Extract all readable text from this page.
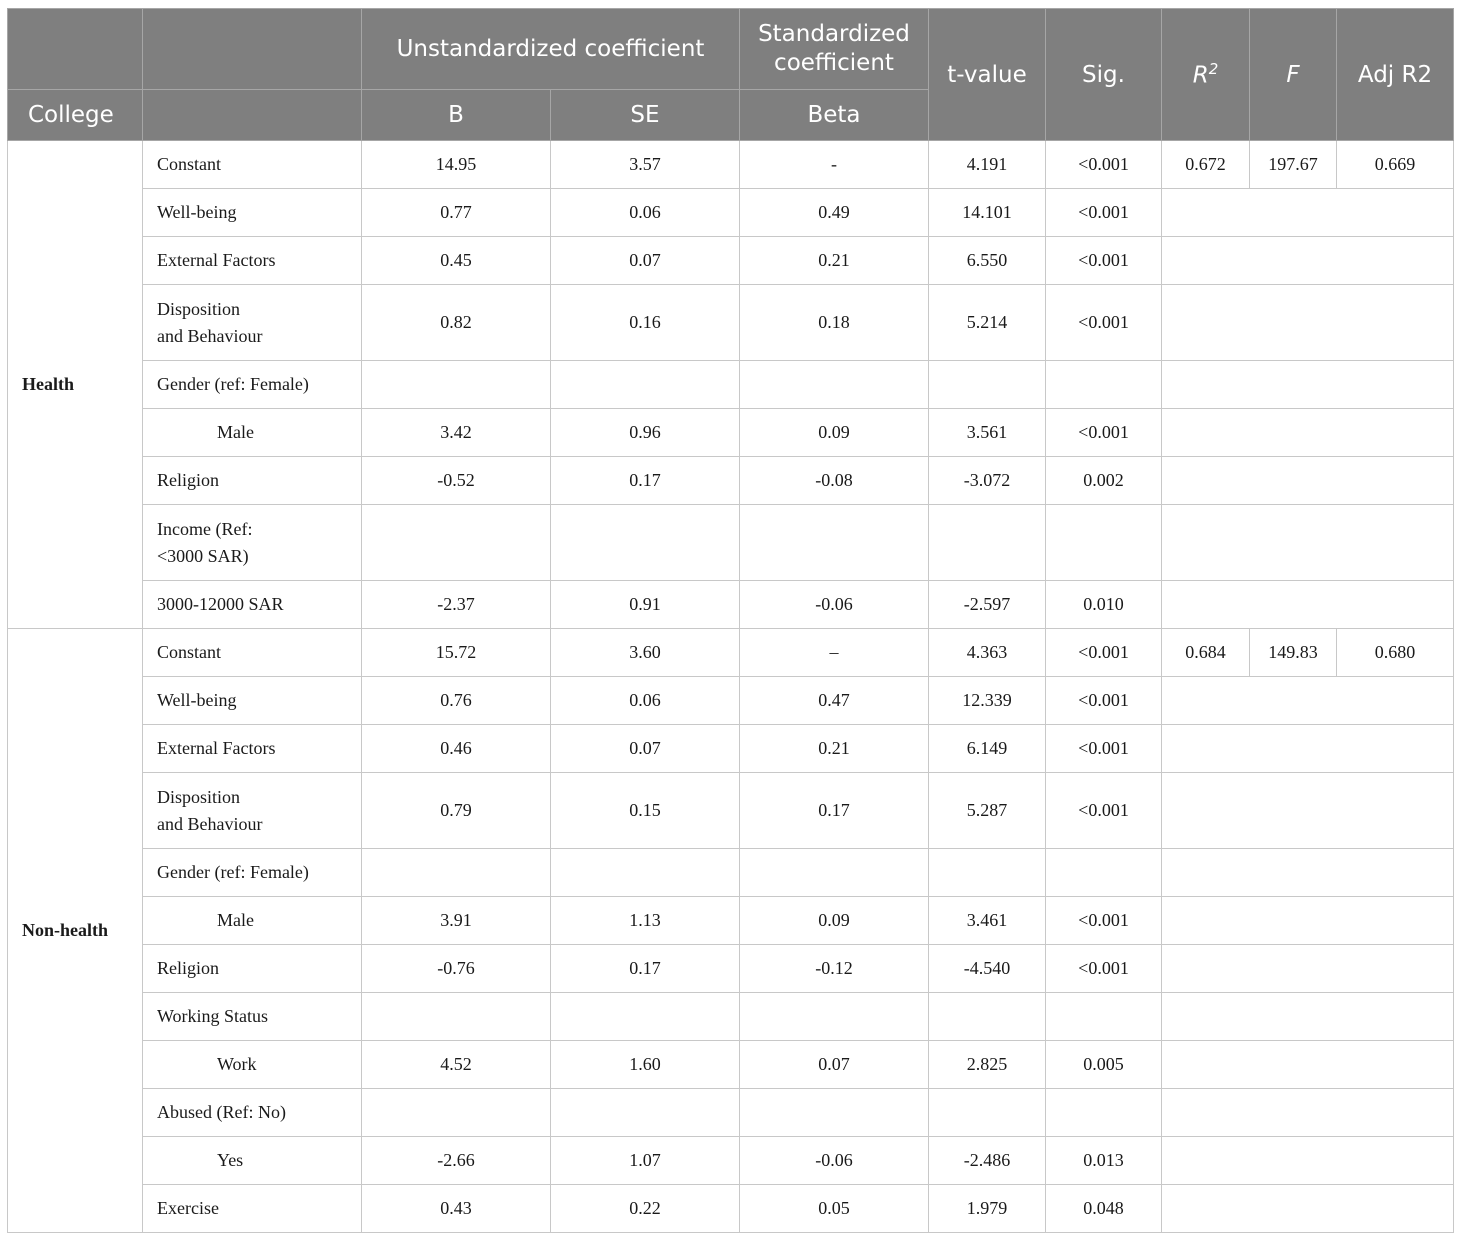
		Unstandardized coefficient		Standardized coefficient	t-value	Sig.	$R^2$	F	Adj R2
College		B	SE	Beta					
Health	Constant	14.95	3.57	-	4.191	<0.001	0.672	197.67	0.669
	Well-being	0.77	0.06	0.49	14.101	<0.001			
	External Factors	0.45	0.07	0.21	6.550	<0.001			
	Disposition
and Behaviour	0.82	0.16	0.18	5.214	<0.001			
	Gender (ref: Female)								
	Male	3.42	0.96	0.09	3.561	<0.001			
	Religion	-0.52	0.17	-0.08	-3.072	0.002			
	Income (Ref:
<3000 SAR)								
	3000-12000 SAR	-2.37	0.91	-0.06	-2.597	0.010			
Non-health	Constant	15.72	3.60	–	4.363	<0.001	0.684	149.83	0.680
	Well-being	0.76	0.06	0.47	12.339	<0.001			
	External Factors	0.46	0.07	0.21	6.149	<0.001			
	Disposition
and Behaviour	0.79	0.15	0.17	5.287	<0.001			
	Gender (ref: Female)								
	Male	3.91	1.13	0.09	3.461	<0.001			
	Religion	-0.76	0.17	-0.12	-4.540	<0.001			
	Working Status								
	Work	4.52	1.60	0.07	2.825	0.005			
	Abused (Ref: No)								
	Yes	-2.66	1.07	-0.06	-2.486	0.013			
	Exercise	0.43	0.22	0.05	1.979	0.048			
